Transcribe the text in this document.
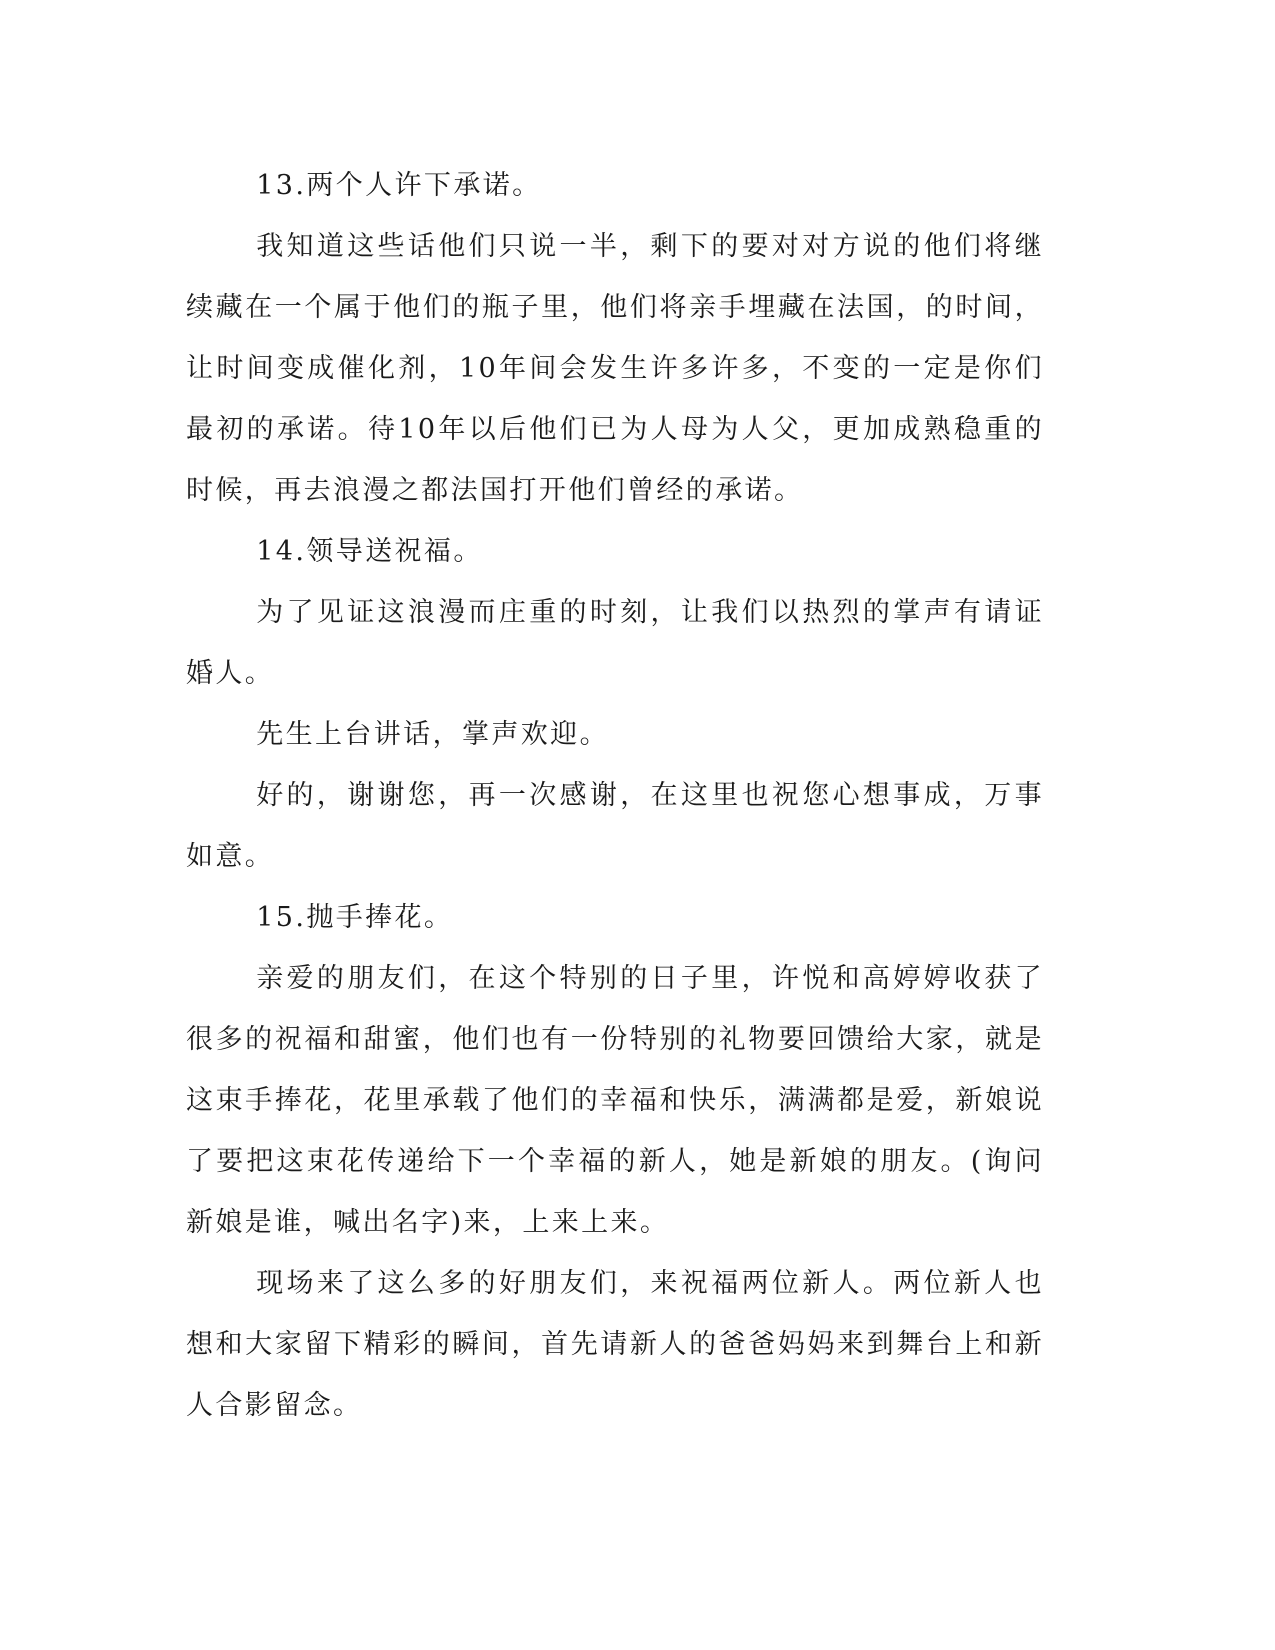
13.两个人许下承诺。

我知道这些话他们只说一半，剩下的要对对方说的他们将继续藏在一个属于他们的瓶子里，他们将亲手埋藏在法国，的时间，让时间变成催化剂，10年间会发生许多许多，不变的一定是你们最初的承诺。待10年以后他们已为人母为人父，更加成熟稳重的时候，再去浪漫之都法国打开他们曾经的承诺。

14.领导送祝福。

为了见证这浪漫而庄重的时刻，让我们以热烈的掌声有请证婚人。

先生上台讲话，掌声欢迎。

好的，谢谢您，再一次感谢，在这里也祝您心想事成，万事如意。

15.抛手捧花。

亲爱的朋友们，在这个特别的日子里，许悦和高婷婷收获了很多的祝福和甜蜜，他们也有一份特别的礼物要回馈给大家，就是这束手捧花，花里承载了他们的幸福和快乐，满满都是爱，新娘说了要把这束花传递给下一个幸福的新人，她是新娘的朋友。(询问新娘是谁，喊出名字)来，上来上来。

现场来了这么多的好朋友们，来祝福两位新人。两位新人也想和大家留下精彩的瞬间，首先请新人的爸爸妈妈来到舞台上和新人合影留念。
